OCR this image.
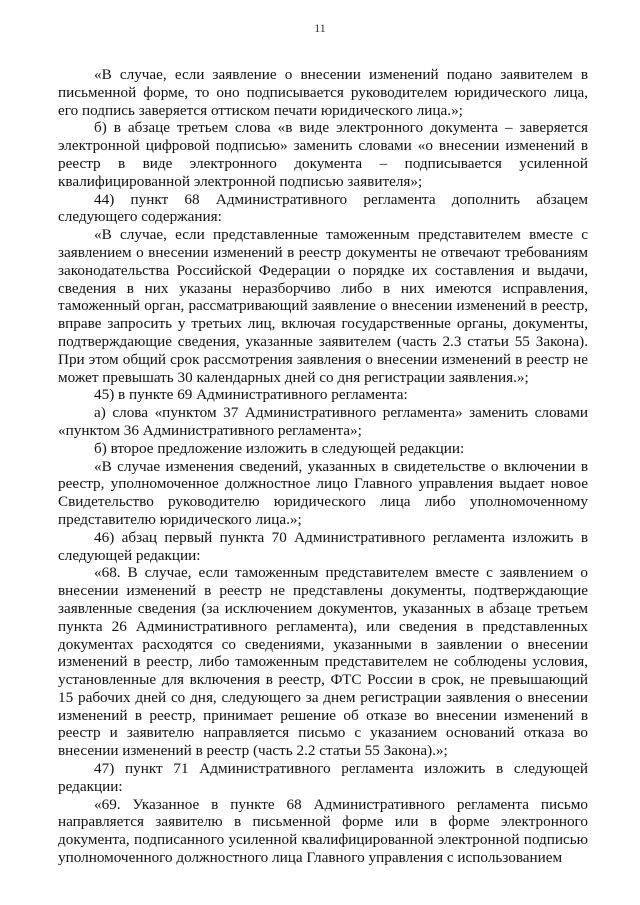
11

«В случае, если заявление о внесении изменений подано заявителем в письменной форме, то оно подписывается руководителем юридического лица, его подпись заверяется оттиском печати юридического лица.»;

б) в абзаце третьем слова «в виде электронного документа – заверяется электронной цифровой подписью» заменить словами «о внесении изменений в реестр в виде электронного документа – подписывается усиленной квалифицированной электронной подписью заявителя»;

44) пункт 68 Административного регламента дополнить абзацем следующего содержания:

«В случае, если представленные таможенным представителем вместе с заявлением о внесении изменений в реестр документы не отвечают требованиям законодательства Российской Федерации о порядке их составления и выдачи, сведения в них указаны неразборчиво либо в них имеются исправления, таможенный орган, рассматривающий заявление о внесении изменений в реестр, вправе запросить у третьих лиц, включая государственные органы, документы, подтверждающие сведения, указанные заявителем (часть 2.3 статьи 55 Закона). При этом общий срок рассмотрения заявления о внесении изменений в реестр не может превышать 30 календарных дней со дня регистрации заявления.»;

45) в пункте 69 Административного регламента:

а) слова «пунктом 37 Административного регламента» заменить словами «пунктом 36 Административного регламента»;

б) второе предложение изложить в следующей редакции:

«В случае изменения сведений, указанных в свидетельстве о включении в реестр, уполномоченное должностное лицо Главного управления выдает новое Свидетельство руководителю юридического лица либо уполномоченному представителю юридического лица.»;

46) абзац первый пункта 70 Административного регламента изложить в следующей редакции:

«68. В случае, если таможенным представителем вместе с заявлением о внесении изменений в реестр не представлены документы, подтверждающие заявленные сведения (за исключением документов, указанных в абзаце третьем пункта 26 Административного регламента), или сведения в представленных документах расходятся со сведениями, указанными в заявлении о внесении изменений в реестр, либо таможенным представителем не соблюдены условия, установленные для включения в реестр, ФТС России в срок, не превышающий 15 рабочих дней со дня, следующего за днем регистрации заявления о внесении изменений в реестр, принимает решение об отказе во внесении изменений в реестр и заявителю направляется письмо с указанием оснований отказа во внесении изменений в реестр (часть 2.2 статьи 55 Закона).»;

47) пункт 71 Административного регламента изложить в следующей редакции:

«69. Указанное в пункте 68 Административного регламента письмо направляется заявителю в письменной форме или в форме электронного документа, подписанного усиленной квалифицированной электронной подписью уполномоченного должностного лица Главного управления с использованием
